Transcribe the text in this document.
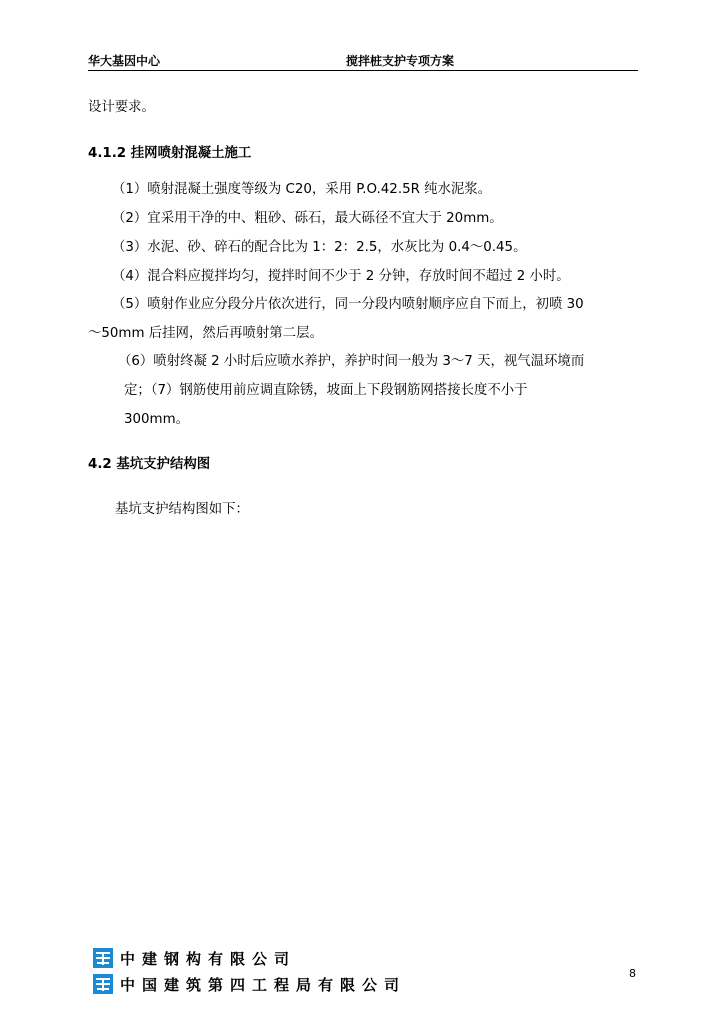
华大基因中心	搅拌桩支护专项方案
设计要求。
4.1.2 挂网喷射混凝土施工
（1）喷射混凝土强度等级为 C20，采用 P.O.42.5R 纯水泥浆。
（2）宜采用干净的中、粗砂、砾石，最大砾径不宜大于 20mm。
（3）水泥、砂、碎石的配合比为 1：2：2.5，水灰比为 0.4～0.45。
（4）混合料应搅拌均匀，搅拌时间不少于 2 分钟，存放时间不超过 2 小时。
（5）喷射作业应分段分片依次进行，同一分段内喷射顺序应自下而上，初喷 30
～50mm 后挂网，然后再喷射第二层。
（6）喷射终凝 2 小时后应喷水养护，养护时间一般为 3～7 天，视气温环境而
定；（7）钢筋使用前应调直除锈，坡面上下段钢筋网搭接长度不小于
300mm。
4.2 基坑支护结构图
基坑支护结构图如下：
中建钢构有限公司
中国建筑第四工程局有限公司
8
